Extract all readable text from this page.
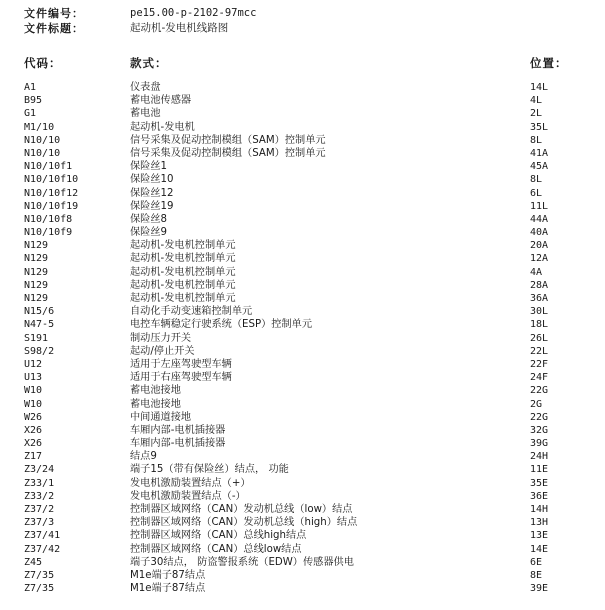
文件编号：	pe15.00-p-2102-97mcc
文件标题：	起动机-发电机线路图
代码：	款式：	位置：
A1	仪表盘	14L
B95	蓄电池传感器	4L
G1	蓄电池	2L
M1/10	起动机-发电机	35L
N10/10	信号采集及促动控制模组（SAM）控制单元	8L
N10/10	信号采集及促动控制模组（SAM）控制单元	41A
N10/10f1	保险丝1	45A
N10/10f10	保险丝10	8L
N10/10f12	保险丝12	6L
N10/10f19	保险丝19	11L
N10/10f8	保险丝8	44A
N10/10f9	保险丝9	40A
N129	起动机-发电机控制单元	20A
N129	起动机-发电机控制单元	12A
N129	起动机-发电机控制单元	4A
N129	起动机-发电机控制单元	28A
N129	起动机-发电机控制单元	36A
N15/6	自动化手动变速箱控制单元	30L
N47-5	电控车辆稳定行驶系统（ESP）控制单元	18L
S191	制动压力开关	26L
S98/2	起动/停止开关	22L
U12	适用于左座驾驶型车辆	22F
U13	适用于右座驾驶型车辆	24F
W10	蓄电池接地	22G
W10	蓄电池接地	2G
W26	中间通道接地	22G
X26	车厢内部-电机插接器	32G
X26	车厢内部-电机插接器	39G
Z17	结点9	24H
Z3/24	端子15（带有保险丝）结点， 功能	11E
Z33/1	发电机激励装置结点（+）	35E
Z33/2	发电机激励装置结点（-）	36E
Z37/2	控制器区域网络（CAN）发动机总线（low）结点	14H
Z37/3	控制器区域网络（CAN）发动机总线（high）结点	13H
Z37/41	控制器区域网络（CAN）总线high结点	13E
Z37/42	控制器区域网络（CAN）总线low结点	14E
Z45	端子30结点， 防盗警报系统（EDW）传感器供电	6E
Z7/35	M1e端子87结点	8E
Z7/35	M1e端子87结点	39E
